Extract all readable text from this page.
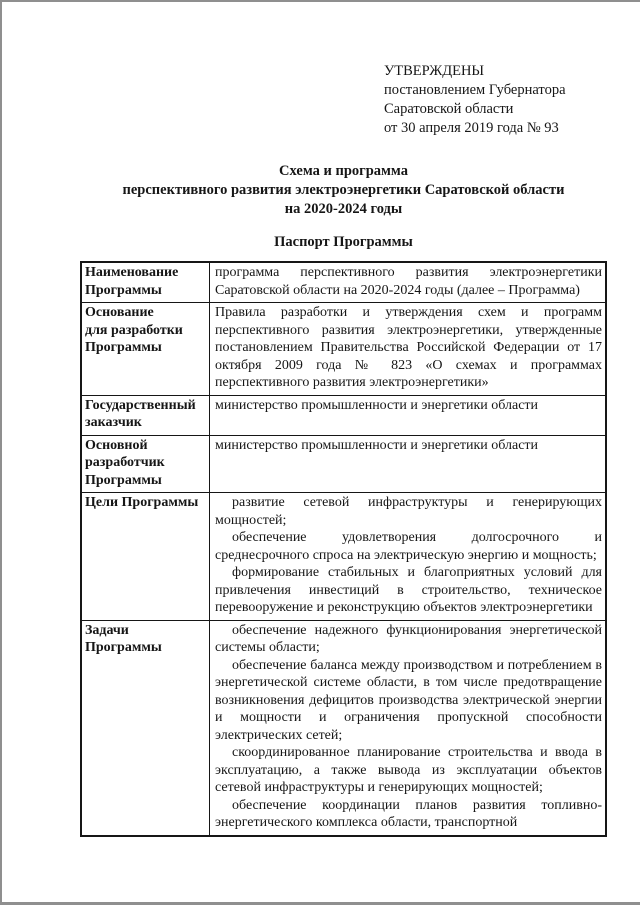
УТВЕРЖДЕНЫ
постановлением Губернатора
Саратовской области
от 30 апреля 2019 года № 93
Схема и программа
перспективного развития электроэнергетики Саратовской области
на 2020-2024 годы
Паспорт Программы
Наименование
Программы

программа перспективного развития электроэнергетики Саратовской области на 2020-2024 годы (далее – Программа)

Основание
для разработки
Программы

Правила разработки и утверждения схем и программ перспективного развития электроэнергетики, утвержденные постановлением Правительства Российской Федерации от 17 октября 2009 года № 823 «О схемах и программах перспективного развития электроэнергетики»

Государственный
заказчик

министерство промышленности и энергетики области

Основной
разработчик
Программы

министерство промышленности и энергетики области

Цели Программы	развитие сетевой инфраструктуры и генерирующих мощностей;

обеспечение удовлетворения долгосрочного и среднесрочного спроса на электрическую энергию и мощность;

формирование стабильных и благоприятных условий для привлечения инвестиций в строительство, техническое перевооружение и реконструкцию объектов электроэнергетики

Задачи
Программы

обеспечение надежного функционирования энергетической системы области;

обеспечение баланса между производством и потреблением в энергетической системе области, в том числе предотвращение возникновения дефицитов производства электрической энергии и мощности и ограничения пропускной способности электрических сетей;

скоординированное планирование строительства и ввода в эксплуатацию, а также вывода из эксплуатации объектов сетевой инфраструктуры и генерирующих мощностей;

обеспечение координации планов развития топливно-энергетического комплекса области, транспортной
